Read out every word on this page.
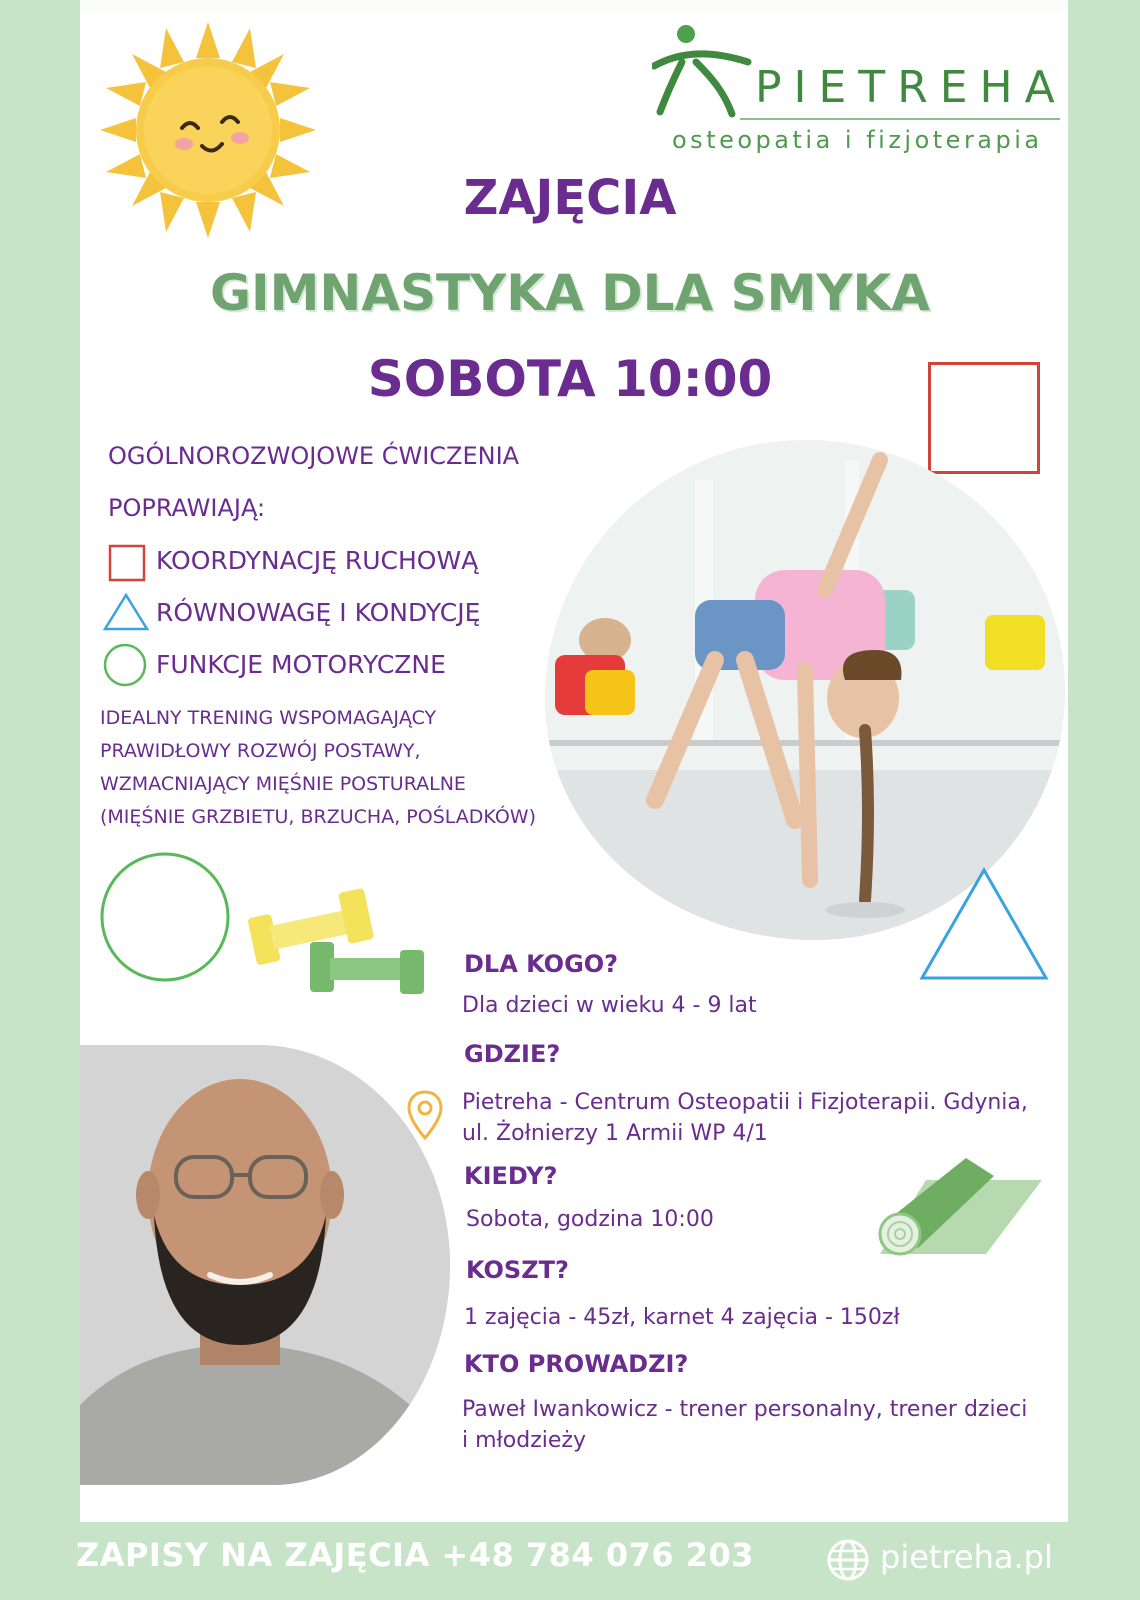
PIETREHA
osteopatia i fizjoterapia
ZAJĘCIA
GIMNASTYKA DLA SMYKA
SOBOTA 10:00
OGÓLNOROZWOJOWE ĆWICZENIA
POPRAWIAJĄ:
KOORDYNACJĘ RUCHOWĄ
RÓWNOWAGĘ I KONDYCJĘ
FUNKCJE MOTORYCZNE
IDEALNY TRENING WSPOMAGAJĄCY
PRAWIDŁOWY ROZWÓJ POSTAWY,
WZMACNIAJĄCY MIĘŚNIE POSTURALNE
(MIĘŚNIE GRZBIETU, BRZUCHA, POŚLADKÓW)
DLA KOGO?
Dla dzieci w wieku 4 - 9 lat
GDZIE?
Pietreha - Centrum Osteopatii i Fizjoterapii. Gdynia,
ul. Żołnierzy 1 Armii WP 4/1
KIEDY?
Sobota, godzina 10:00
KOSZT?
1 zajęcia - 45zł, karnet 4 zajęcia - 150zł
KTO PROWADZI?
Paweł Iwankowicz - trener personalny, trener dzieci
i młodzieży
ZAPISY NA ZAJĘCIA +48 784 076 203	pietreha.pl
